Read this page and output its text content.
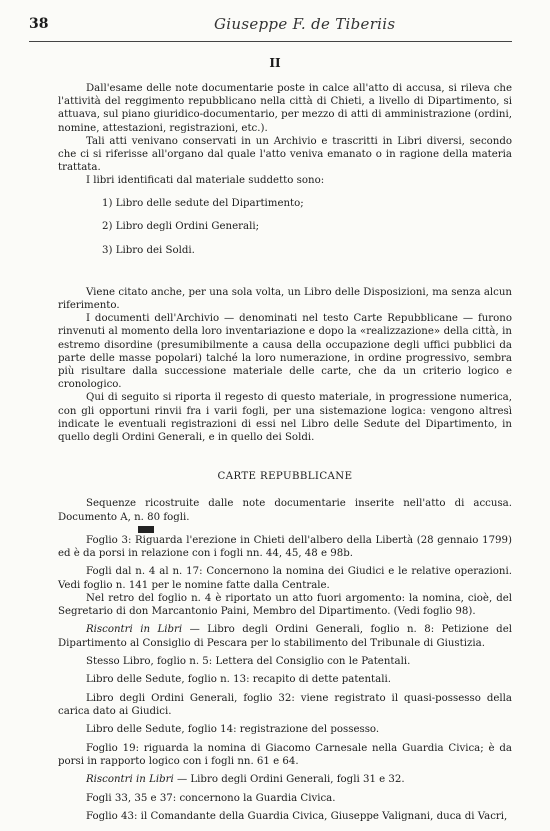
38	Giuseppe F. de Tiberiis
II

Dall'esame delle note documentarie poste in calce all'atto di accusa, si rileva che l'attività del reggimento repubblicano nella città di Chieti, a livello di Dipartimento, si attuava, sul piano giuridico-documentario, per mezzo di atti di amministrazione (ordini, nomine, attestazioni, registrazioni, etc.).

Tali atti venivano conservati in un Archivio e trascritti in Libri diversi, secondo che ci si riferisse all'organo dal quale l'atto veniva emanato o in ragione della materia trattata.

I libri identificati dal materiale suddetto sono:

1) Libro delle sedute del Dipartimento;
2) Libro degli Ordini Generali;
3) Libro dei Soldi.

Viene citato anche, per una sola volta, un Libro delle Disposizioni, ma senza alcun riferimento.

I documenti dell'Archivio — denominati nel testo Carte Repubblicane — furono rinvenuti al momento della loro inventariazione e dopo la «realizzazione» della città, in estremo disordine (presumibilmente a causa della occupazione degli uffici pubblici da parte delle masse popolari) talché la loro numerazione, in ordine progressivo, sembra più risultare dalla successione materiale delle carte, che da un criterio logico e cronologico.

Qui di seguito si riporta il regesto di questo materiale, in progressione numerica, con gli opportuni rinvii fra i varii fogli, per una sistemazione logica: vengono altresì indicate le eventuali registrazioni di essi nel Libro delle Sedute del Dipartimento, in quello degli Ordini Generali, e in quello dei Soldi.

CARTE REPUBBLICANE

Sequenze ricostruite dalle note documentarie inserite nell'atto di accusa. Documento A, n. 80 fogli.

Foglio 3: Riguarda l'erezione in Chieti dell'albero della Libertà (28 gennaio 1799) ed è da porsi in relazione con i fogli nn. 44, 45, 48 e 98b.

Fogli dal n. 4 al n. 17: Concernono la nomina dei Giudici e le relative operazioni. Vedi foglio n. 141 per le nomine fatte dalla Centrale.

Nel retro del foglio n. 4 è riportato un atto fuori argomento: la nomina, cioè, del Segretario di don Marcantonio Paini, Membro del Dipartimento. (Vedi foglio 98).

Riscontri in Libri — Libro degli Ordini Generali, foglio n. 8: Petizione del Dipartimento al Consiglio di Pescara per lo stabilimento del Tribunale di Giustizia.

Stesso Libro, foglio n. 5: Lettera del Consiglio con le Patentali.

Libro delle Sedute, foglio n. 13: recapito di dette patentali.

Libro degli Ordini Generali, foglio 32: viene registrato il quasi-possesso della carica dato ai Giudici.

Libro delle Sedute, foglio 14: registrazione del possesso.

Foglio 19: riguarda la nomina di Giacomo Carnesale nella Guardia Civica; è da porsi in rapporto logico con i fogli nn. 61 e 64.

Riscontri in Libri — Libro degli Ordini Generali, fogli 31 e 32.

Fogli 33, 35 e 37: concernono la Guardia Civica.

Foglio 43: il Comandante della Guardia Civica, Giuseppe Valignani, duca di Vacri,
